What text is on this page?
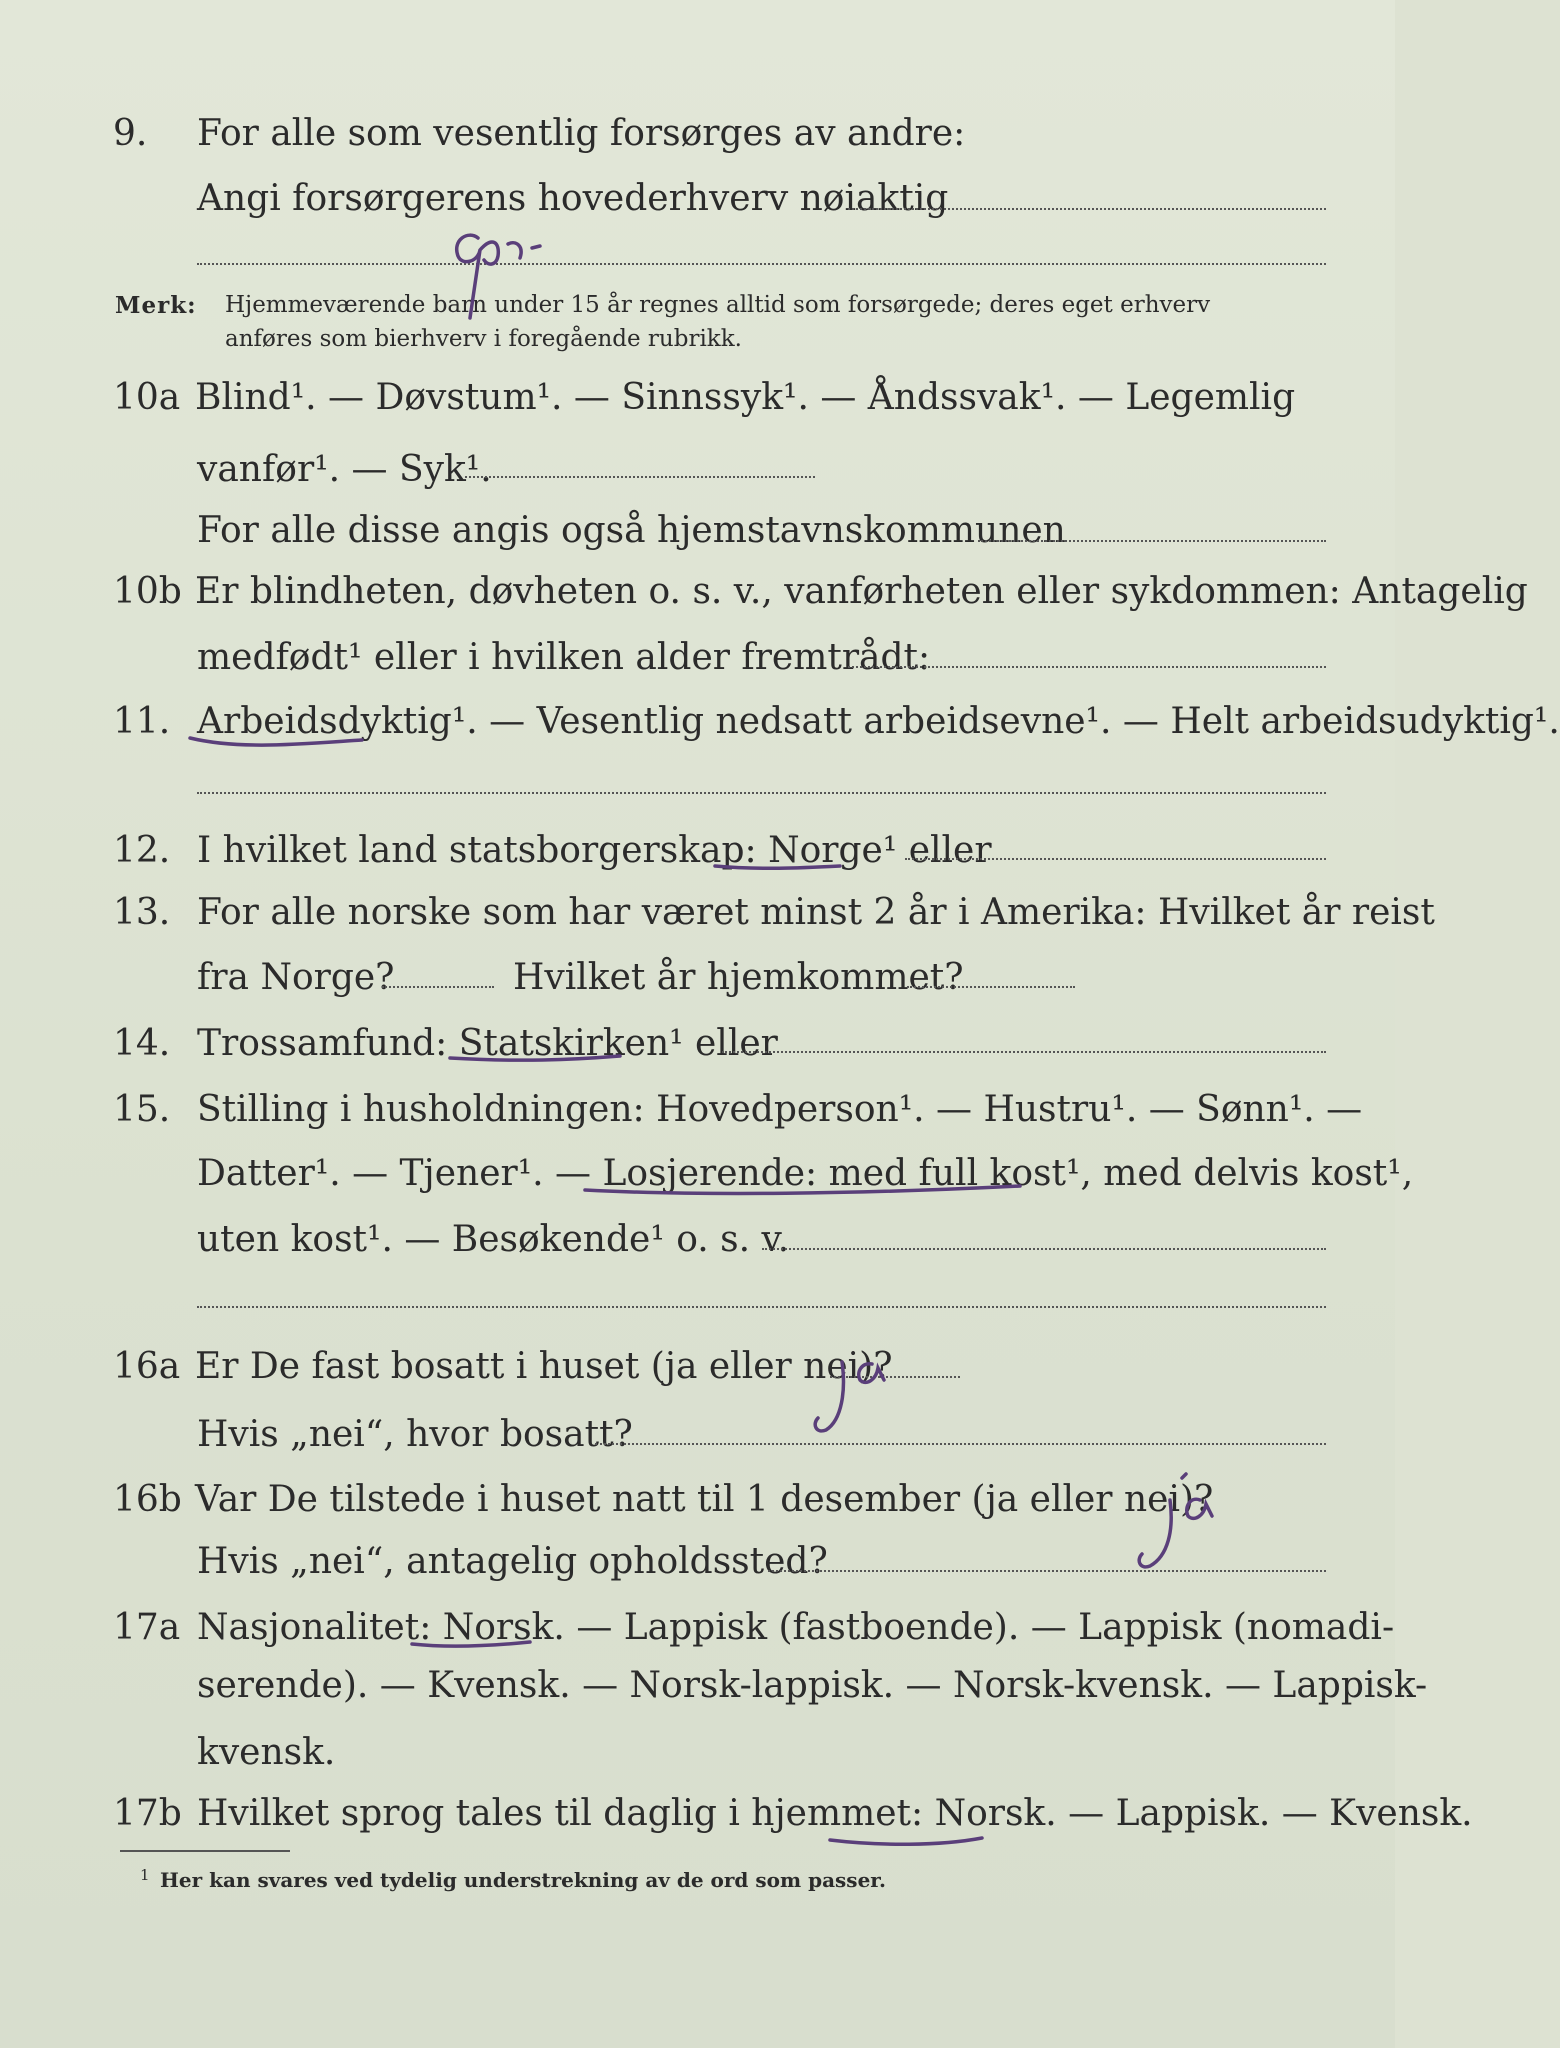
9. For alle som vesentlig forsørges av andre:
Angi forsørgerens hovederhverv nøiaktig
Merk: Hjemmeværende barn under 15 år regnes alltid som forsørgede; deres eget erhverv
anføres som bierhverv i foregående rubrikk.
10a Blind¹. — Døvstum¹. — Sinnssyk¹. — Åndssvak¹. — Legemlig
vanfør¹. — Syk¹.
For alle disse angis også hjemstavnskommunen
10b Er blindheten, døvheten o. s. v., vanførheten eller sykdommen: Antagelig
medfødt¹ eller i hvilken alder fremtrådt:
11. Arbeidsdyktig¹. — Vesentlig nedsatt arbeidsevne¹. — Helt arbeidsudyktig¹.
12. I hvilket land statsborgerskap: Norge¹ eller
13. For alle norske som har været minst 2 år i Amerika: Hvilket år reist
fra Norge?	Hvilket år hjemkommet?
14. Trossamfund: Statskirken¹ eller
15. Stilling i husholdningen: Hovedperson¹. — Hustru¹. — Sønn¹. —
Datter¹. — Tjener¹. — Losjerende: med full kost¹, med delvis kost¹,
uten kost¹. — Besøkende¹ o. s. v.
16a Er De fast bosatt i huset (ja eller nei)?
Hvis „nei“, hvor bosatt?
16b Var De tilstede i huset natt til 1 desember (ja eller nei)?
Hvis „nei“, antagelig opholdssted?
17a Nasjonalitet: Norsk. — Lappisk (fastboende). — Lappisk (nomadi-
serende). — Kvensk. — Norsk-lappisk. — Norsk-kvensk. — Lappisk-
kvensk.
17b Hvilket sprog tales til daglig i hjemmet: Norsk. — Lappisk. — Kvensk.
1 Her kan svares ved tydelig understrekning av de ord som passer.
